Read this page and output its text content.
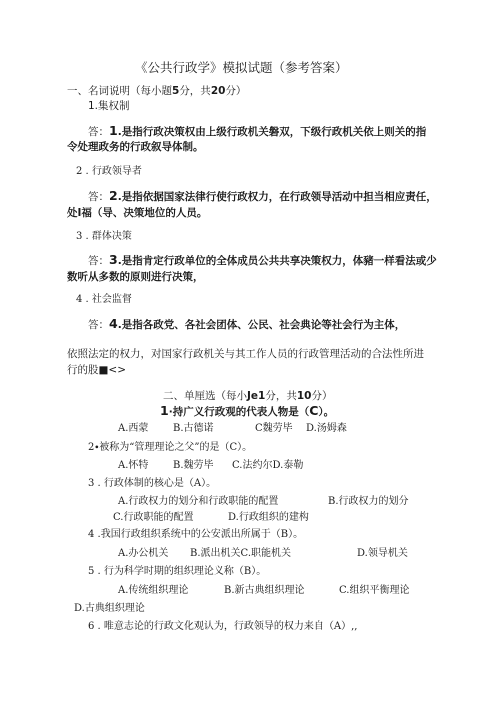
《公共行政学》模拟试题（参考答案）
一、名词说明（每小题5分，共20分）
1.集权制
答：1.是指行政决策权由上级行政机关磐双，下级行政机关依上则关的指
令处理政务的行政叙导体制。
2 . 行政领导者
答：2.是指依据国家法律行使行政权力，在行政领导活动中担当相应责任，
处I福（导、决策地位的人员。
3 . 群体决策
答：3.是指肯定行政单位的全体成员公共共享决策权力，体豬一样看法或少
数听从多数的原则进行决策，
4 . 社会监督
答：4.是指各政党、各社会团体、公民、社会典论等社会行为主体，
依照法定的权力，对国家行政机关与其工作人员的行政管理活动的合法性所进
行的股■<>
二、单厘选（每小Je1分，共10分）
1∙持广义行政观的代表人物是（C）。
A.西蒙 B.古德诺	C魏劳毕 D.汤姆森
2∙被称为“管理理论之父”的是（C）。
A.怀特 B.魏劳毕 C.法约尔D.泰勒
3 . 行政体制的核心是（A）。
A.行政权力的划分和行政职能的配置	B.行政权力的划分
C.行政职能的配置	D.行政组织的建构
4 .我国行政组织系统中的公安派出所属于（B）。
A.办公机关 B.派出机关C.职能机关	D.领导机关
5 . 行为科学时期的组织理论义称（B）。
A.传统组织理论	B.新古典组织理论	C.组织平衡理论
D.古典组织理论
6 . 唯意志论的行政文化观认为，行政领导的权力来自（A）,,
